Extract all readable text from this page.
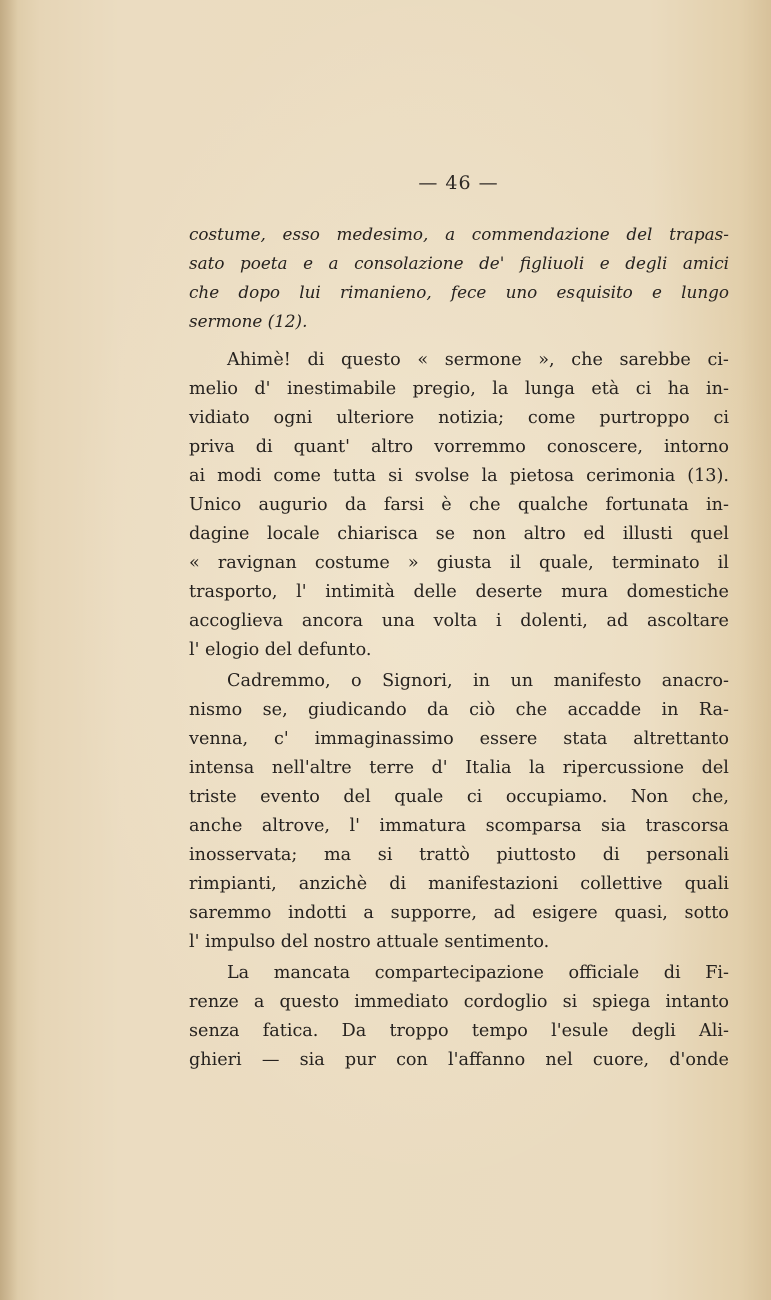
— 46 —
costume, esso medesimo, a commendazione del trapas-
sato poeta e a consolazione de' figliuoli e degli amici
che dopo lui rimanieno, fece uno esquisito e lungo
sermone (12).
Ahimè! di questo « sermone », che sarebbe ci-
melio d' inestimabile pregio, la lunga età ci ha in-
vidiato ogni ulteriore notizia; come purtroppo ci
priva di quant' altro vorremmo conoscere, intorno
ai modi come tutta si svolse la pietosa cerimonia (13).
Unico augurio da farsi è che qualche fortunata in-
dagine locale chiarisca se non altro ed illusti quel
« ravignan costume » giusta il quale, terminato il
trasporto, l' intimità delle deserte mura domestiche
accoglieva ancora una volta i dolenti, ad ascoltare
l' elogio del defunto.
Cadremmo, o Signori, in un manifesto anacro-
nismo se, giudicando da ciò che accadde in Ra-
venna, c' immaginassimo essere stata altrettanto
intensa nell'altre terre d' Italia la ripercussione del
triste evento del quale ci occupiamo. Non che,
anche altrove, l' immatura scomparsa sia trascorsa
inosservata; ma si trattò piuttosto di personali
rimpianti, anzichè di manifestazioni collettive quali
saremmo indotti a supporre, ad esigere quasi, sotto
l' impulso del nostro attuale sentimento.
La mancata compartecipazione officiale di Fi-
renze a questo immediato cordoglio si spiega intanto
senza fatica. Da troppo tempo l'esule degli Ali-
ghieri — sia pur con l'affanno nel cuore, d'onde
